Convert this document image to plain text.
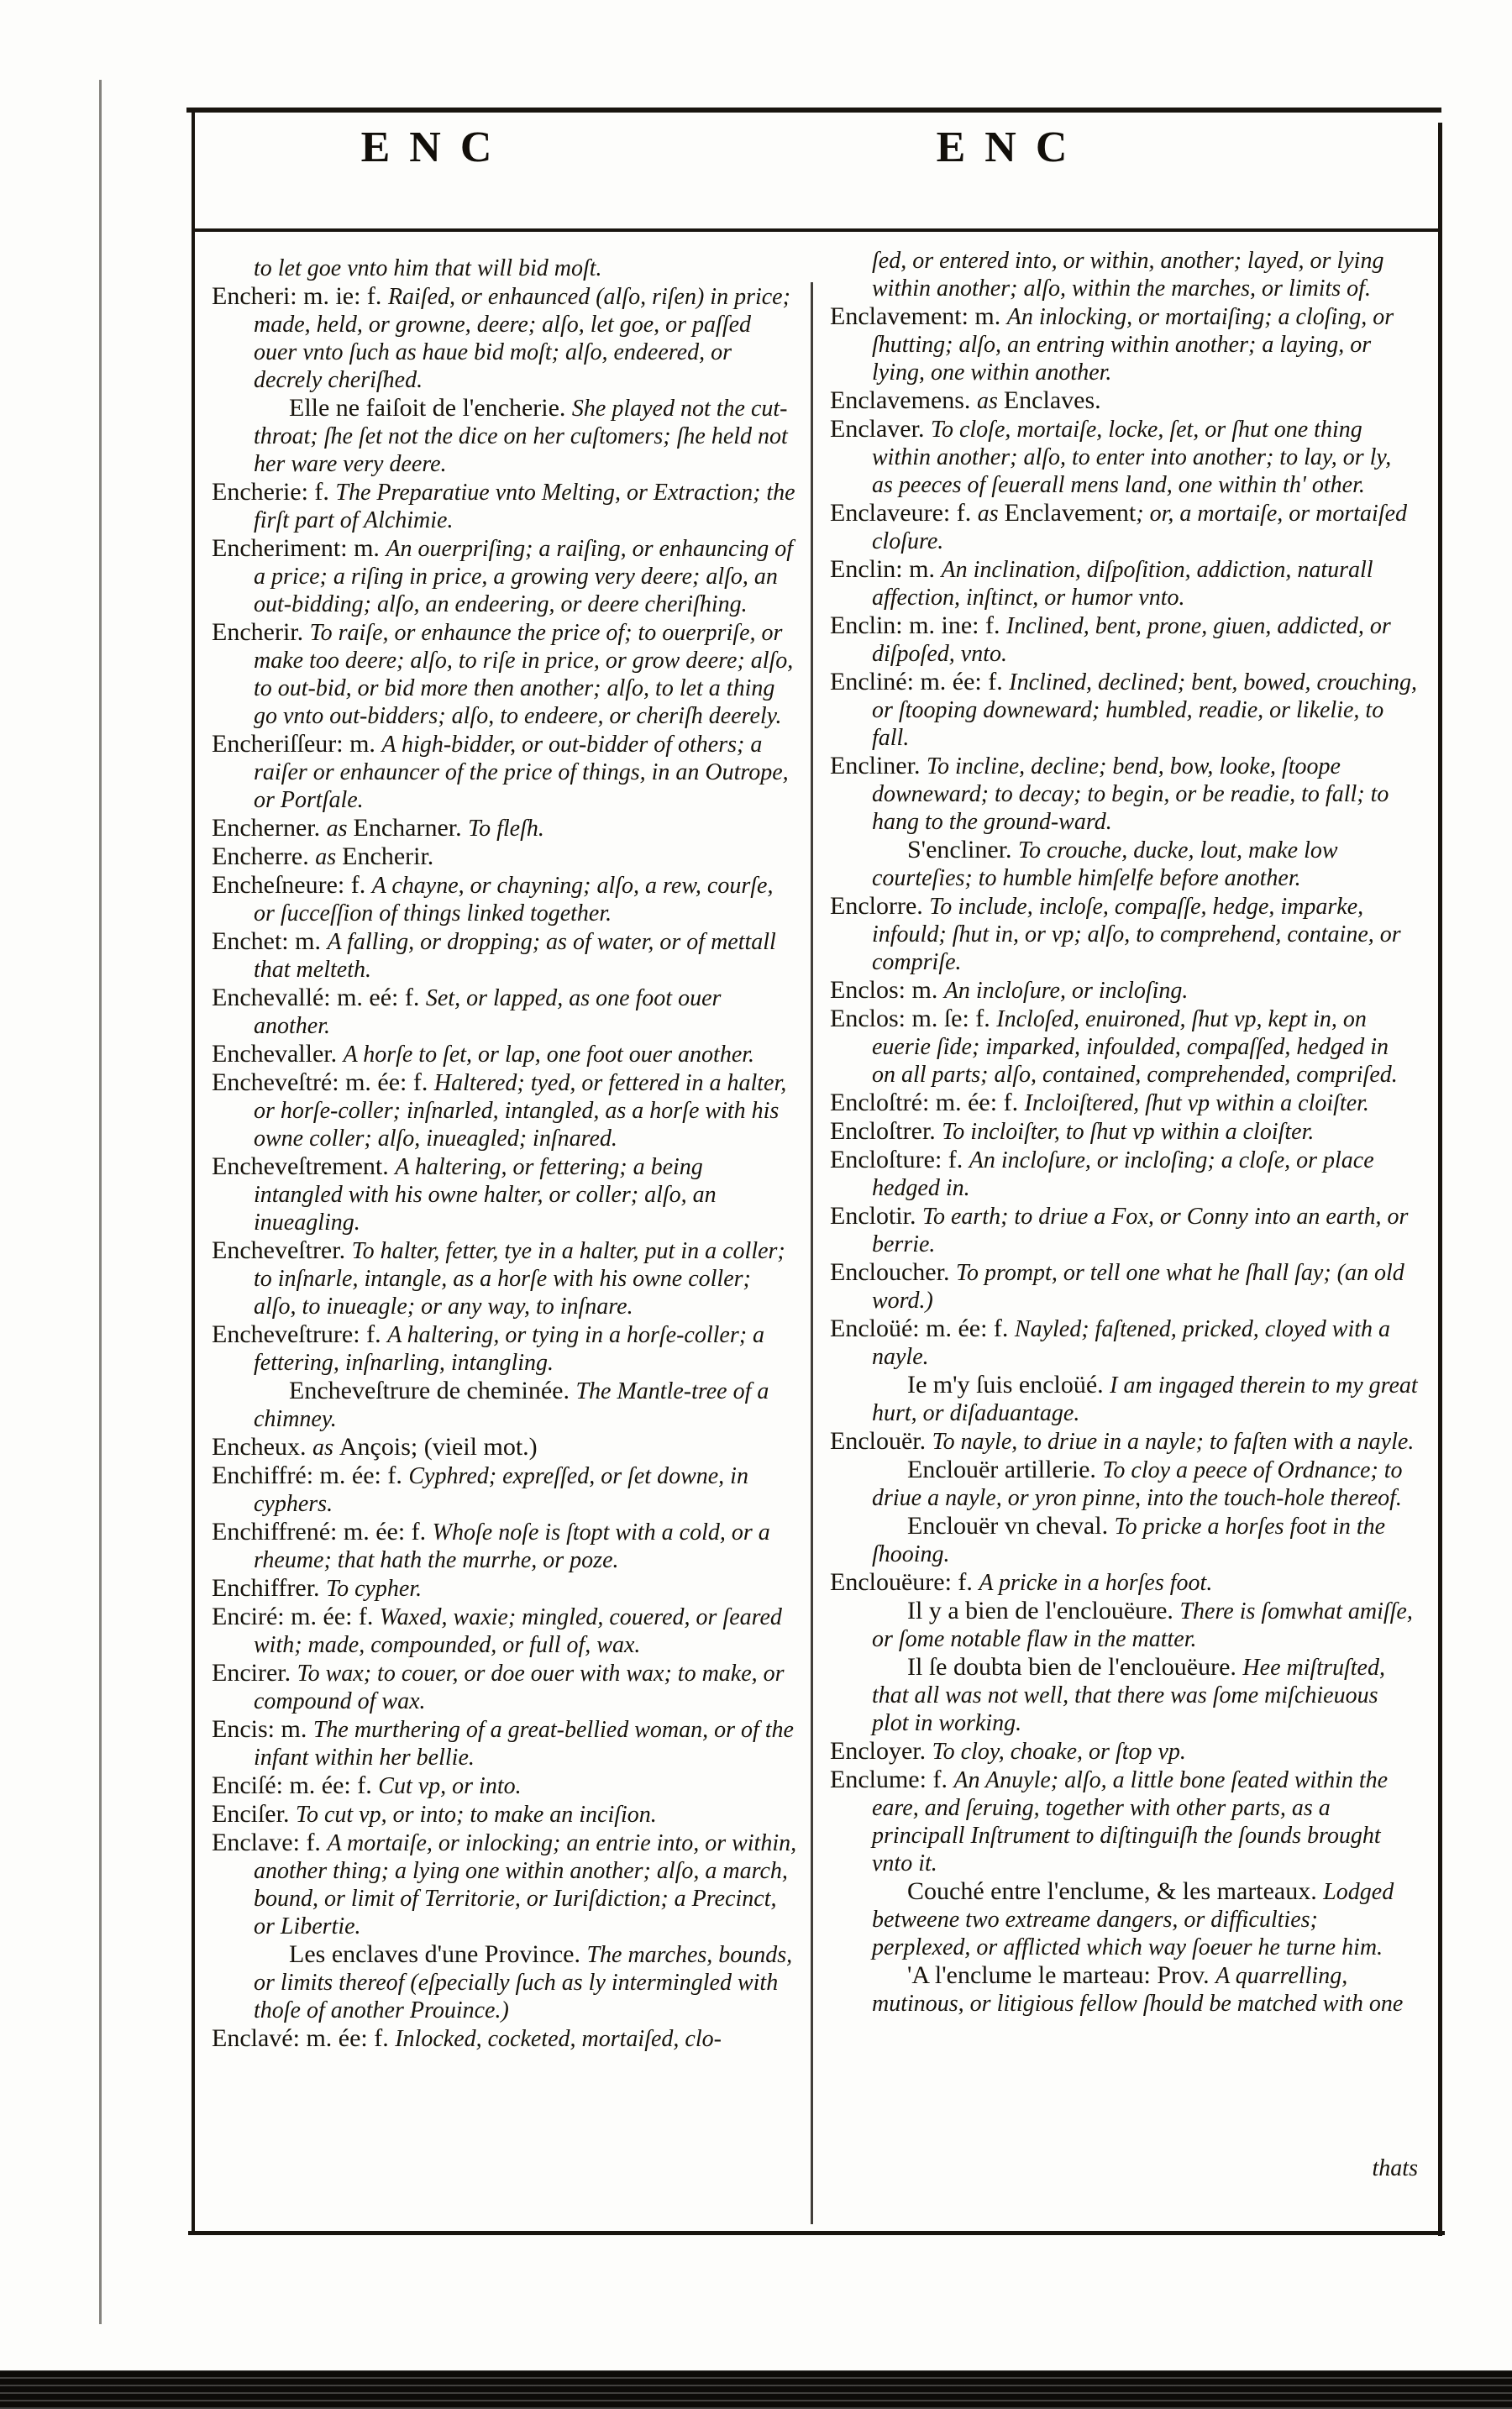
E N C	E N C

to let goe vnto him that will bid moſt.

Encheri: m. ie: f. Raiſed, or enhaunced (alſo, riſen) in price; made, held, or growne, deere; alſo, let goe, or paſſed ouer vnto ſuch as haue bid moſt; alſo, endeered, or decrely cheriſhed.

Elle ne faiſoit de l'encherie. She played not the cut-throat; ſhe ſet not the dice on her cuſtomers; ſhe held not her ware very deere.

Encherie: f. The Preparatiue vnto Melting, or Extraction; the firſt part of Alchimie.

Encheriment: m. An ouerpriſing; a raiſing, or enhauncing of a price; a riſing in price, a growing very deere; alſo, an out-bidding; alſo, an endeering, or deere cheriſhing.

Encherir. To raiſe, or enhaunce the price of; to ouerpriſe, or make too deere; alſo, to riſe in price, or grow deere; alſo, to out-bid, or bid more then another; alſo, to let a thing go vnto out-bidders; alſo, to endeere, or cheriſh deerely.

Encheriſſeur: m. A high-bidder, or out-bidder of others; a raiſer or enhauncer of the price of things, in an Outrope, or Portſale.

Encherner. as Encharner. To fleſh.

Encherre. as Encherir.

Encheſneure: f. A chayne, or chayning; alſo, a rew, courſe, or ſucceſſion of things linked together.

Enchet: m. A falling, or dropping; as of water, or of mettall that melteth.

Enchevallé: m. eé: f. Set, or lapped, as one foot ouer another.

Enchevaller. A horſe to ſet, or lap, one foot ouer another.

Encheveſtré: m. ée: f. Haltered; tyed, or fettered in a halter, or horſe-coller; inſnarled, intangled, as a horſe with his owne coller; alſo, inueagled; inſnared.

Encheveſtrement. A haltering, or fettering; a being intangled with his owne halter, or coller; alſo, an inueagling.

Encheveſtrer. To halter, fetter, tye in a halter, put in a coller; to inſnarle, intangle, as a horſe with his owne coller; alſo, to inueagle; or any way, to inſnare.

Encheveſtrure: f. A haltering, or tying in a horſe-coller; a fettering, inſnarling, intangling.

Encheveſtrure de cheminée. The Mantle-tree of a chimney.

Encheux. as Ançois; (vieil mot.)

Enchiffré: m. ée: f. Cyphred; expreſſed, or ſet downe, in cyphers.

Enchiffrené: m. ée: f. Whoſe noſe is ſtopt with a cold, or a rheume; that hath the murrhe, or poze.

Enchiffrer. To cypher.

Enciré: m. ée: f. Waxed, waxie; mingled, couered, or ſeared with; made, compounded, or full of, wax.

Encirer. To wax; to couer, or doe ouer with wax; to make, or compound of wax.

Encis: m. The murthering of a great-bellied woman, or of the infant within her bellie.

Enciſé: m. ée: f. Cut vp, or into.

Enciſer. To cut vp, or into; to make an inciſion.

Enclave: f. A mortaiſe, or inlocking; an entrie into, or within, another thing; a lying one within another; alſo, a march, bound, or limit of Territorie, or Iuriſdiction; a Precinct, or Libertie.

Les enclaves d'une Province. The marches, bounds, or limits thereof (eſpecially ſuch as ly intermingled with thoſe of another Prouince.)

Enclavé: m. ée: f. Inlocked, cocketed, mortaiſed, clo-

ſed, or entered into, or within, another; layed, or lying within another; alſo, within the marches, or limits of.

Enclavement: m. An inlocking, or mortaiſing; a cloſing, or ſhutting; alſo, an entring within another; a laying, or lying, one within another.

Enclavemens. as Enclaves.

Enclaver. To cloſe, mortaiſe, locke, ſet, or ſhut one thing within another; alſo, to enter into another; to lay, or ly, as peeces of ſeuerall mens land, one within th' other.

Enclaveure: f. as Enclavement; or, a mortaiſe, or mortaiſed cloſure.

Enclin: m. An inclination, diſpoſition, addiction, naturall affection, inſtinct, or humor vnto.

Enclin: m. ine: f. Inclined, bent, prone, giuen, addicted, or diſpoſed, vnto.

Encliné: m. ée: f. Inclined, declined; bent, bowed, crouching, or ſtooping downeward; humbled, readie, or likelie, to fall.

Encliner. To incline, decline; bend, bow, looke, ſtoope downeward; to decay; to begin, or be readie, to fall; to hang to the ground-ward.

S'encliner. To crouche, ducke, lout, make low courteſies; to humble himſelfe before another.

Enclorre. To include, incloſe, compaſſe, hedge, imparke, infould; ſhut in, or vp; alſo, to comprehend, containe, or compriſe.

Enclos: m. An incloſure, or incloſing.

Enclos: m. ſe: f. Incloſed, enuironed, ſhut vp, kept in, on euerie ſide; imparked, infoulded, compaſſed, hedged in on all parts; alſo, contained, comprehended, compriſed.

Encloſtré: m. ée: f. Incloiſtered, ſhut vp within a cloiſter.

Encloſtrer. To incloiſter, to ſhut vp within a cloiſter.

Encloſture: f. An incloſure, or incloſing; a cloſe, or place hedged in.

Enclotir. To earth; to driue a Fox, or Conny into an earth, or berrie.

Encloucher. To prompt, or tell one what he ſhall ſay; (an old word.)

Encloüé: m. ée: f. Nayled; faſtened, pricked, cloyed with a nayle.

Ie m'y ſuis encloüé. I am ingaged therein to my great hurt, or diſaduantage.

Enclouër. To nayle, to driue in a nayle; to faſten with a nayle.

Enclouër artillerie. To cloy a peece of Ordnance; to driue a nayle, or yron pinne, into the touch-hole thereof.

Enclouër vn cheval. To pricke a horſes foot in the ſhooing.

Enclouëure: f. A pricke in a horſes foot.

Il y a bien de l'enclouëure. There is ſomwhat amiſſe, or ſome notable flaw in the matter.

Il ſe doubta bien de l'enclouëure. Hee miſtruſted, that all was not well, that there was ſome miſchieuous plot in working.

Encloyer. To cloy, choake, or ſtop vp.

Enclume: f. An Anuyle; alſo, a little bone ſeated within the eare, and ſeruing, together with other parts, as a principall Inſtrument to diſtinguiſh the ſounds brought vnto it.

Couché entre l'enclume, & les marteaux. Lodged betweene two extreame dangers, or difficulties; perplexed, or afflicted which way ſoeuer he turne him.

'A l'enclume le marteau: Prov. A quarrelling, mutinous, or litigious fellow ſhould be matched with one

thats
